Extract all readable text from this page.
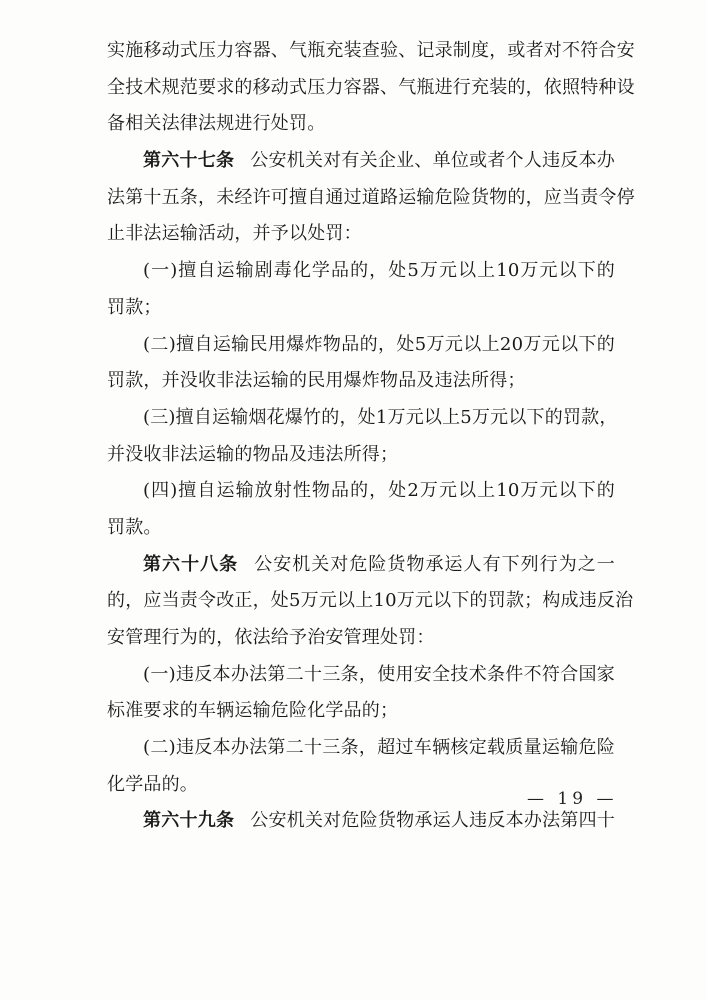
实施移动式压力容器、气瓶充装查验、记录制度，或者对不符合安
全技术规范要求的移动式压力容器、气瓶进行充装的，依照特种设
备相关法律法规进行处罚。
第六十七条 公安机关对有关企业、单位或者个人违反本办
法第十五条，未经许可擅自通过道路运输危险货物的，应当责令停
止非法运输活动，并予以处罚：
(一)擅自运输剧毒化学品的，处5万元以上10万元以下的
罚款；
(二)擅自运输民用爆炸物品的，处5万元以上20万元以下的
罚款，并没收非法运输的民用爆炸物品及违法所得；
(三)擅自运输烟花爆竹的，处1万元以上5万元以下的罚款，
并没收非法运输的物品及违法所得；
(四)擅自运输放射性物品的，处2万元以上10万元以下的
罚款。
第六十八条 公安机关对危险货物承运人有下列行为之一
的，应当责令改正，处5万元以上10万元以下的罚款；构成违反治
安管理行为的，依法给予治安管理处罚：
(一)违反本办法第二十三条，使用安全技术条件不符合国家
标准要求的车辆运输危险化学品的；
(二)违反本办法第二十三条，超过车辆核定载质量运输危险
化学品的。
第六十九条 公安机关对危险货物承运人违反本办法第四十
— 19 —
